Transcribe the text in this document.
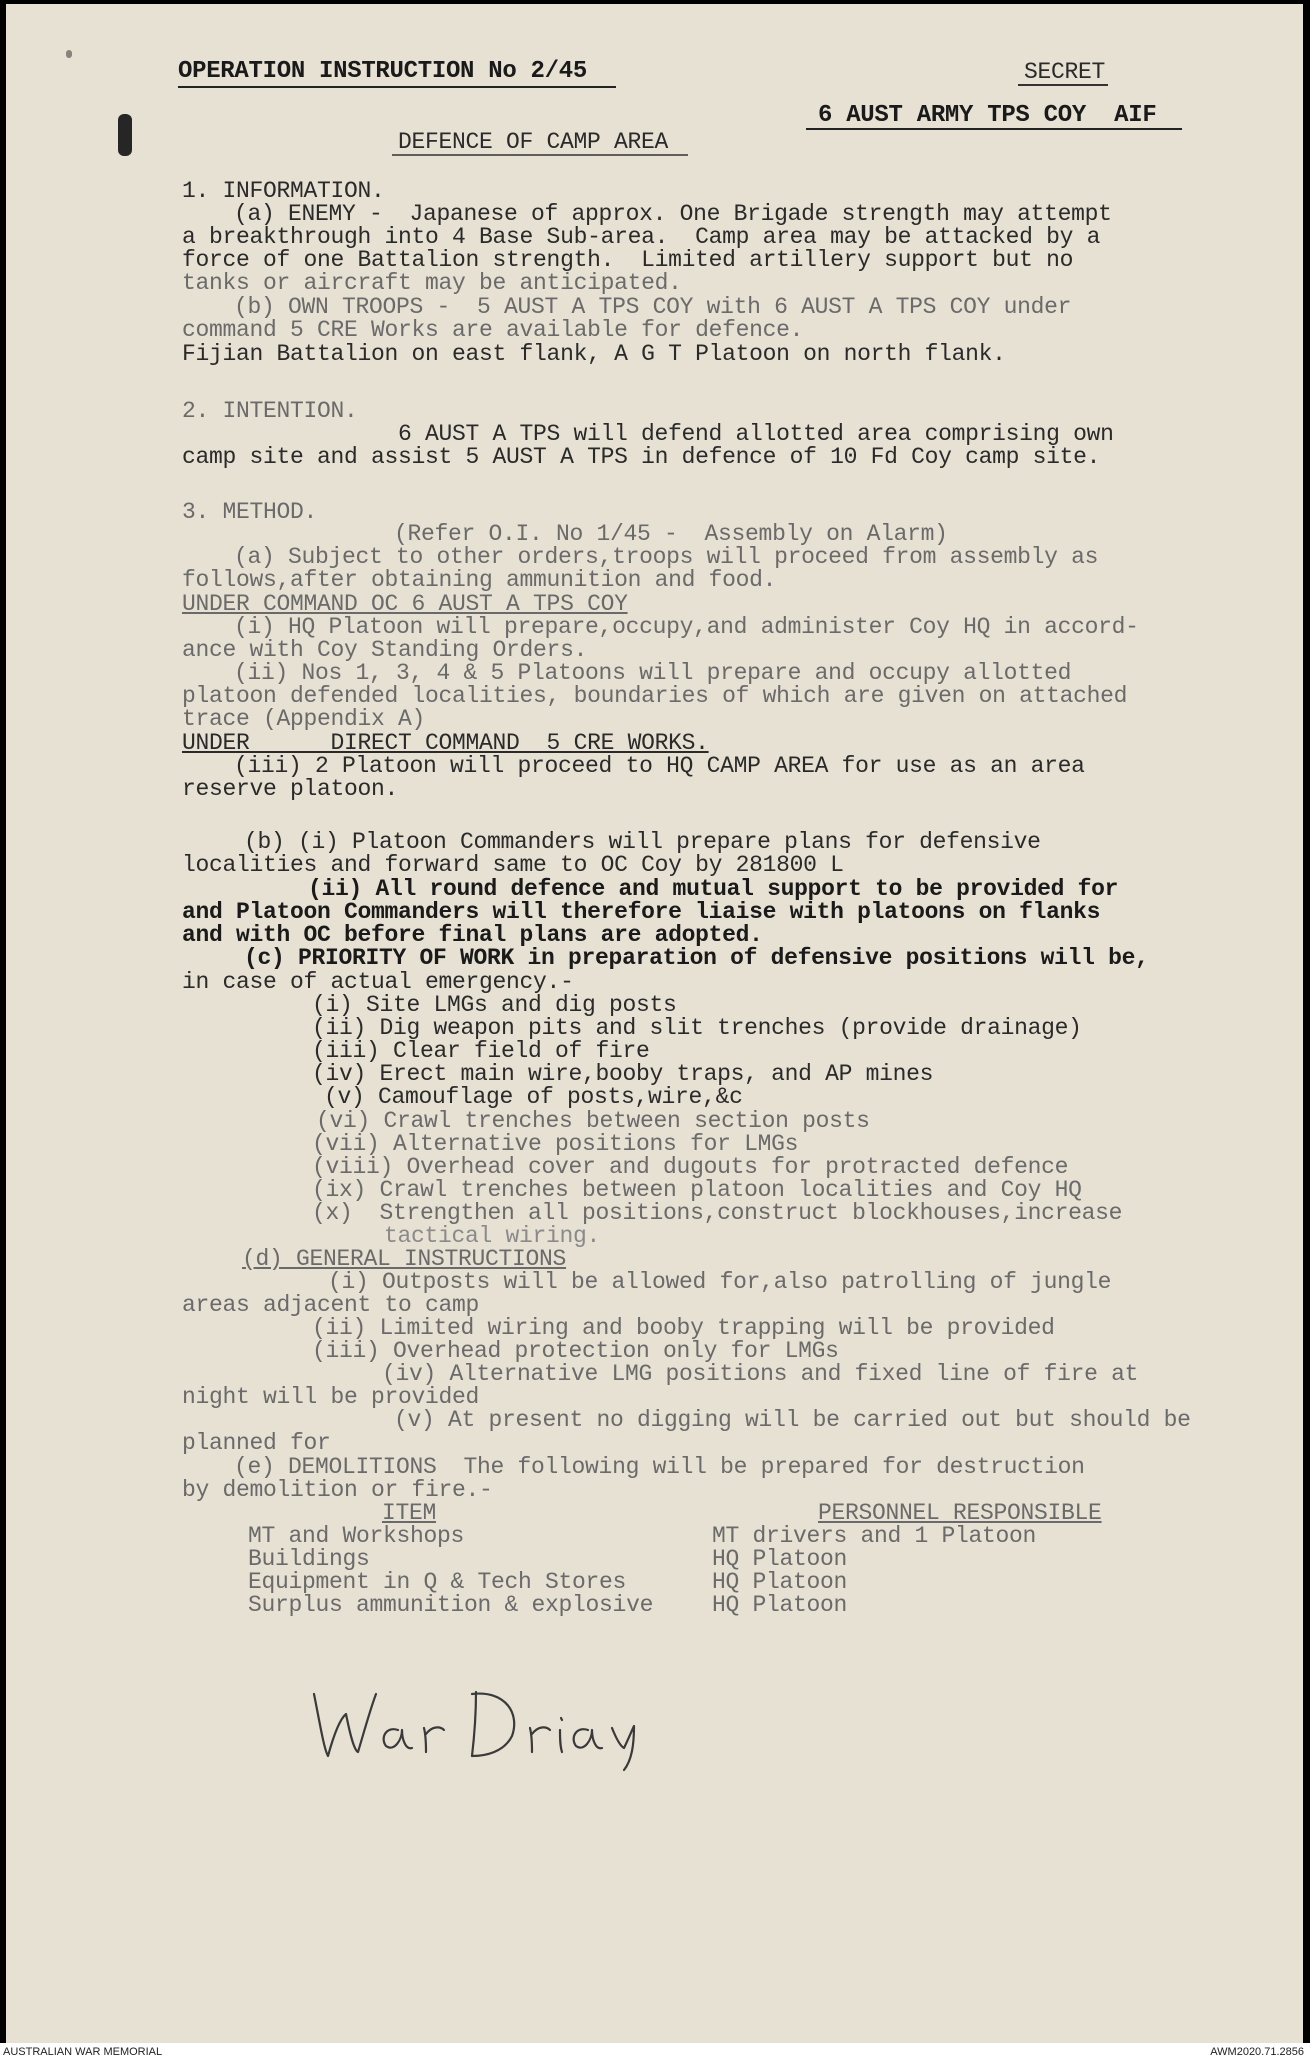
OPERATION INSTRUCTION No 2/45	SECRET
6 AUST ARMY TPS COY  AIF
DEFENCE OF CAMP AREA
1. INFORMATION.
(a) ENEMY -  Japanese of approx. One Brigade strength may attempt
a breakthrough into 4 Base Sub-area.  Camp area may be attacked by a
force of one Battalion strength.  Limited artillery support but no
tanks or aircraft may be anticipated.
(b) OWN TROOPS -  5 AUST A TPS COY with 6 AUST A TPS COY under
command 5 CRE Works are available for defence.
Fijian Battalion on east flank, A G T Platoon on north flank.
2. INTENTION.
6 AUST A TPS will defend allotted area comprising own
camp site and assist 5 AUST A TPS in defence of 10 Fd Coy camp site.
3. METHOD.
(Refer O.I. No 1/45 -  Assembly on Alarm)
(a) Subject to other orders,troops will proceed from assembly as
follows,after obtaining ammunition and food.
UNDER COMMAND OC 6 AUST A TPS COY
(i) HQ Platoon will prepare,occupy,and administer Coy HQ in accord-
ance with Coy Standing Orders.
(ii) Nos 1, 3, 4 & 5 Platoons will prepare and occupy allotted
platoon defended localities, boundaries of which are given on attached
trace (Appendix A)
UNDER      DIRECT COMMAND  5 CRE WORKS.
(iii) 2 Platoon will proceed to HQ CAMP AREA for use as an area
reserve platoon.
(b) (i) Platoon Commanders will prepare plans for defensive
localities and forward same to OC Coy by 281800 L
(ii) All round defence and mutual support to be provided for
and Platoon Commanders will therefore liaise with platoons on flanks
and with OC before final plans are adopted.
(c) PRIORITY OF WORK in preparation of defensive positions will be,
in case of actual emergency.-
(i) Site LMGs and dig posts
(ii) Dig weapon pits and slit trenches (provide drainage)
(iii) Clear field of fire
(iv) Erect main wire,booby traps, and AP mines
(v) Camouflage of posts,wire,&c
(vi) Crawl trenches between section posts
(vii) Alternative positions for LMGs
(viii) Overhead cover and dugouts for protracted defence
(ix) Crawl trenches between platoon localities and Coy HQ
(x)  Strengthen all positions,construct blockhouses,increase
tactical wiring.
(d) GENERAL INSTRUCTIONS
(i) Outposts will be allowed for,also patrolling of jungle
areas adjacent to camp
(ii) Limited wiring and booby trapping will be provided
(iii) Overhead protection only for LMGs
(iv) Alternative LMG positions and fixed line of fire at
night will be provided
(v) At present no digging will be carried out but should be
planned for
(e) DEMOLITIONS  The following will be prepared for destruction
by demolition or fire.-
ITEM	PERSONNEL RESPONSIBLE
MT and Workshops	MT drivers and 1 Platoon
Buildings	HQ Platoon
Equipment in Q & Tech Stores	HQ Platoon
Surplus ammunition & explosive	HQ Platoon
War Diary
AUSTRALIAN WAR MEMORIAL	AWM2020.71.2856
